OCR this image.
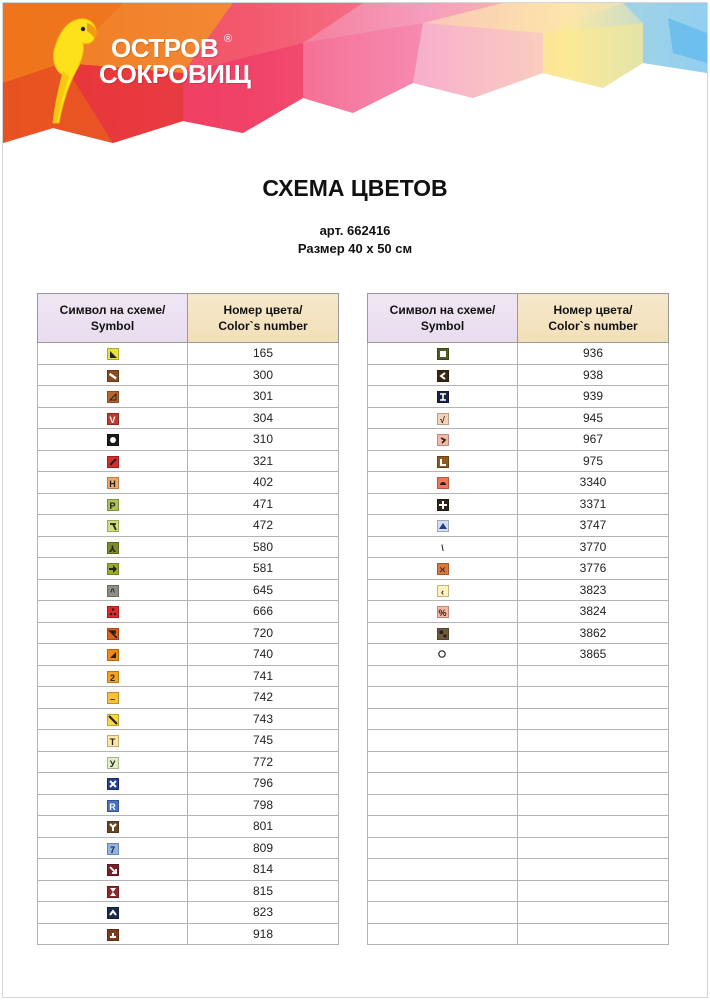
ОСТРОВ
СОКРОВИЩ
®
СХЕМА ЦВЕТОВ
арт. 662416
Размер 40 х 50 см
Символ на схеме/
Symbol	Номер цвета/
Color`s number

	165

	300

	301
V	304

	310

	321
H	402
P	471

	472
⅄	580

	581
^	645

	666

	720

	740
2	741
–	742

	743
T	745
У	772

	796
R	798

	801
7	809

	814

	815

	823

	918
Символ на схеме/
Symbol	Номер цвета/
Color`s number

	936

	938

	939
√	945

	967

	975

	3340

	3371

	3747
\	3770
✕	3776
‹	3823
%	3824

	3862

	3865
